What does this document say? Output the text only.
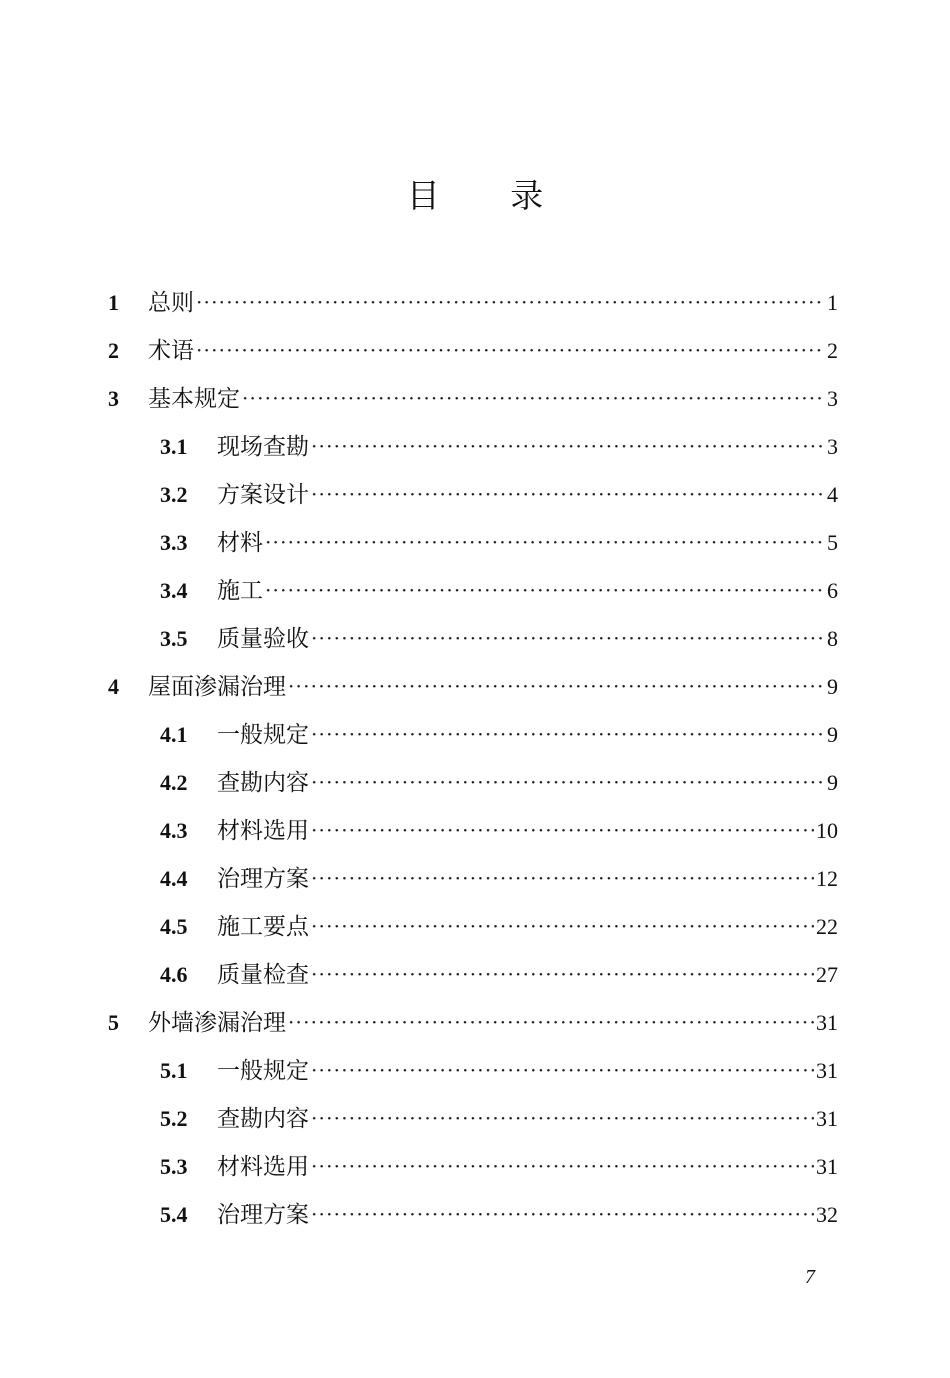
目 录
1	总则 ·····	1
2	术语 ·····	2
3	基本规定 ·····	3
3.1	现场查勘 ·····	3
3.2	方案设计 ·····	4
3.3	材料 ·····	5
3.4	施工 ·····	6
3.5	质量验收 ·····	8
4	屋面渗漏治理 ·····	9
4.1	一般规定 ·····	9
4.2	查勘内容 ·····	9
4.3	材料选用 ·····	10
4.4	治理方案 ·····	12
4.5	施工要点 ·····	22
4.6	质量检查 ·····	27
5	外墙渗漏治理 ·····	31
5.1	一般规定 ·····	31
5.2	查勘内容 ·····	31
5.3	材料选用 ·····	31
5.4	治理方案 ·····	32
7
